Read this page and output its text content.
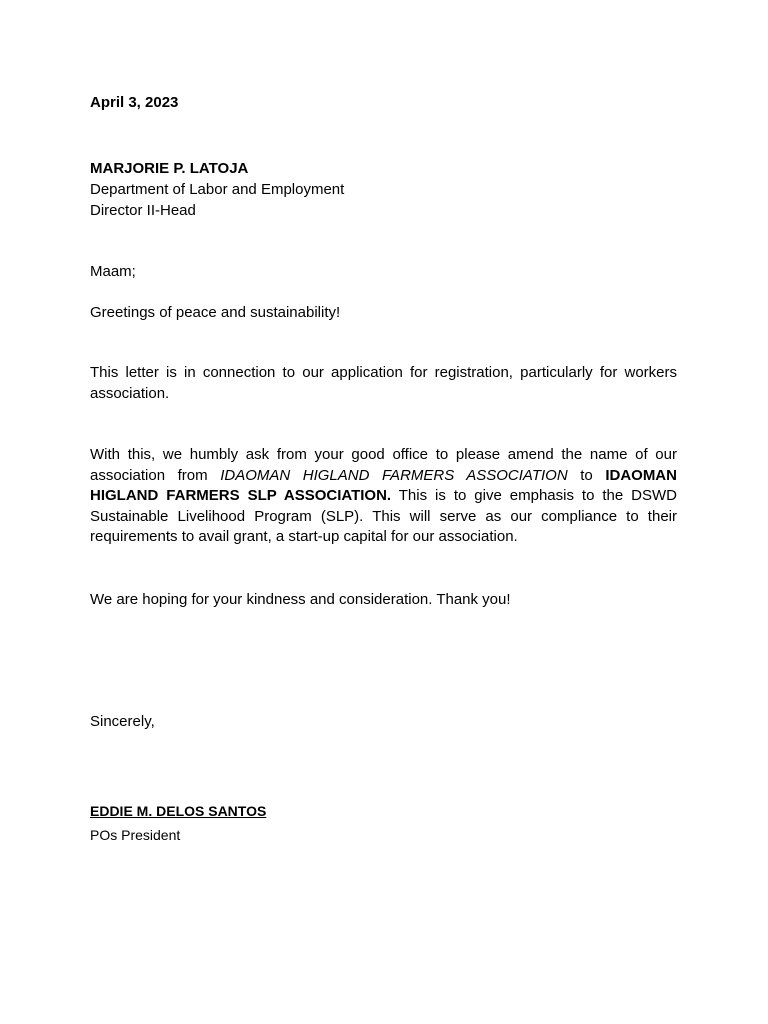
April 3, 2023
MARJORIE P. LATOJA
Department of Labor and Employment
Director II-Head
Maam;
Greetings of peace and sustainability!
This letter is in connection to our application for registration, particularly for workers association.
With this, we humbly ask from your good office to please amend the name of our association from IDAOMAN HIGLAND FARMERS ASSOCIATION to IDAOMAN HIGLAND FARMERS SLP ASSOCIATION. This is to give emphasis to the DSWD Sustainable Livelihood Program (SLP). This will serve as our compliance to their requirements to avail grant, a start-up capital for our association.
We are hoping for your kindness and consideration. Thank you!
Sincerely,
EDDIE M. DELOS SANTOS
POs President
